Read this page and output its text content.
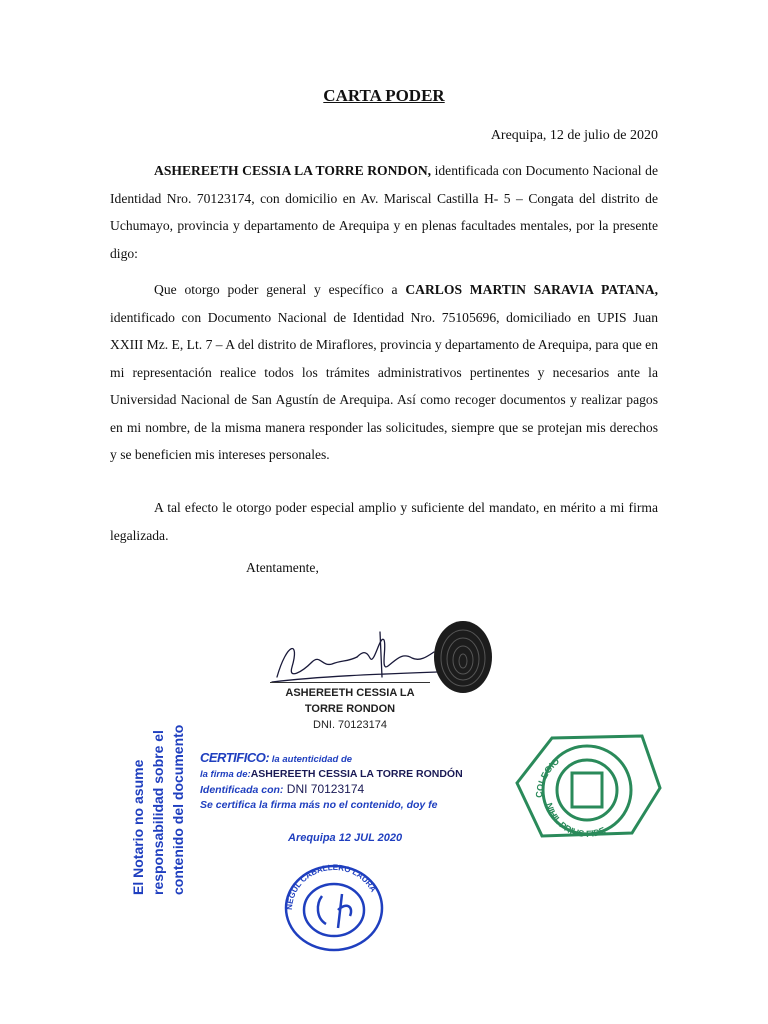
CARTA PODER
Arequipa, 12 de julio de 2020

ASHEREETH CESSIA LA TORRE RONDON, identificada con Documento Nacional de Identidad Nro. 70123174, con domicilio en Av. Mariscal Castilla H- 5 – Congata del distrito de Uchumayo, provincia y departamento de Arequipa y en plenas facultades mentales, por la presente digo:

Que otorgo poder general y específico a CARLOS MARTIN SARAVIA PATANA, identificado con Documento Nacional de Identidad Nro. 75105696, domiciliado en UPIS Juan XXIII Mz. E, Lt. 7 – A del distrito de Miraflores, provincia y departamento de Arequipa, para que en mi representación realice todos los trámites administrativos pertinentes y necesarios ante la Universidad Nacional de San Agustín de Arequipa. Así como recoger documentos y realizar pagos en mi nombre, de la misma manera responder las solicitudes, siempre que se protejan mis derechos y se beneficien mis intereses personales.

A tal efecto le otorgo poder especial amplio y suficiente del mandato, en mérito a mi firma legalizada.

Atentamente,
ASHEREETH CESSIA LA
TORRE RONDON
DNI. 70123174
El Notario no asume responsabilidad sobre el contenido del documento CERTIFICO: la autenticidad de
la firma de:ASHEREETH CESSIA LA TORRE RONDÓN
Identificada con: DNI 70123174
Se certifica la firma más no el contenido, doy fe
Arequipa 12 JUL 2020
COLEGIO
NIHIL PRIUS FIDE
NEGUL CABALLERO LAURA
